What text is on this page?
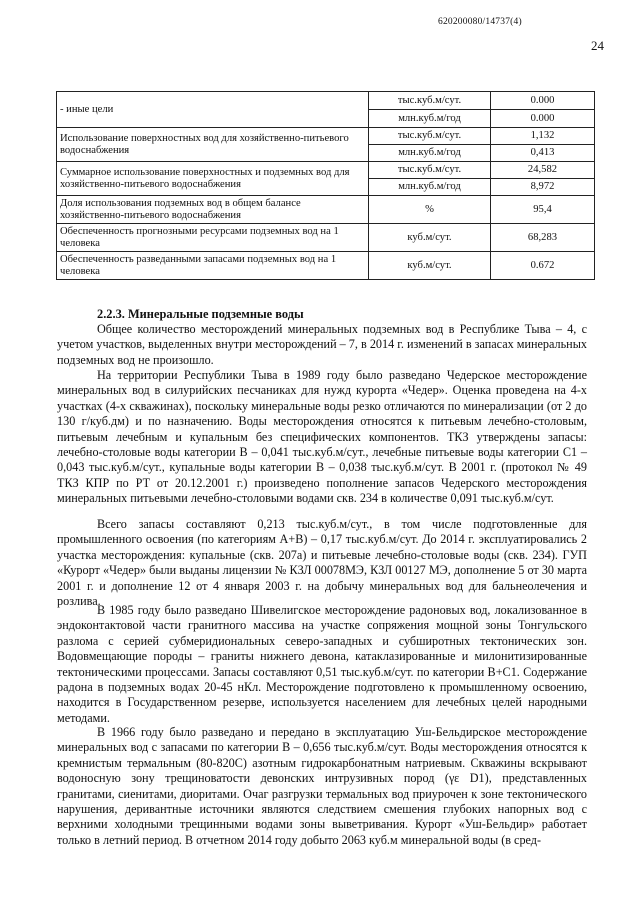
620200080/14737(4)
24
- иные цели	тыс.куб.м/сут.	0.000
	млн.куб.м/год	0.000
Использование поверхностных вод для хозяйственно-питьевого водоснабжения	тыс.куб.м/сут.	1,132
	млн.куб.м/год	0,413
Суммарное использование поверхностных и подземных вод для хозяйственно-питьевого водоснабжения	тыс.куб.м/сут.	24,582
	млн.куб.м/год	8,972
Доля использования подземных вод в общем балансе хозяйственно-питьевого водоснабжения	%	95,4
Обеспеченность прогнозными ресурсами подземных вод на 1 человека	куб.м/сут.	68,283
Обеспеченность разведанными запасами подземных вод на 1 человека	куб.м/сут.	0.672
2.2.3. Минеральные подземные воды

Общее количество месторождений минеральных подземных вод в Республике Тыва – 4, с учетом участков, выделенных внутри месторождений – 7, в 2014 г. изменений в запасах минеральных подземных вод не произошло.

На территории Республики Тыва в 1989 году было разведано Чедерское месторождение минеральных вод в силурийских песчаниках для нужд курорта «Чедер». Оценка проведена на 4-х участках (4-х скважинах), поскольку минеральные воды резко отличаются по минерализации (от 2 до 130 г/куб.дм) и по назначению. Воды месторождения относятся к питьевым лечебно-столовым, питьевым лечебным и купальным без специфических компонентов. ТКЗ утверждены запасы: лечебно-столовые воды категории В – 0,041 тыс.куб.м/сут., лечебные питьевые воды категории С1 – 0,043 тыс.куб.м/сут., купальные воды категории В – 0,038 тыс.куб.м/сут. В 2001 г. (протокол № 49 ТКЗ КПР по РТ от 20.12.2001 г.) произведено пополнение запасов Чедерского месторождения минеральных питьевыми лечебно-столовыми водами скв. 234 в количестве 0,091 тыс.куб.м/сут.

Всего запасы составляют 0,213 тыс.куб.м/сут., в том числе подготовленные для промышленного освоения (по категориям А+В) – 0,17 тыс.куб.м/сут. До 2014 г. эксплуатировались 2 участка месторождения: купальные (скв. 207а) и питьевые лечебно-столовые воды (скв. 234). ГУП «Курорт «Чедер» были выданы лицензии № КЗЛ 00078МЭ, КЗЛ 00127 МЭ, дополнение 5 от 30 марта 2001 г. и дополнение 12 от 4 января 2003 г. на добычу минеральных вод для бальнеолечения и розлива.

В 1985 году было разведано Шивелигское месторождение радоновых вод, локализованное в эндоконтактовой части гранитного массива на участке сопряжения мощной зоны Тонгульского разлома с серией субмеридиональных северо-западных и субширотных тектонических зон. Водовмещающие породы – граниты нижнего девона, катаклазированные и милонитизированные тектоническими процессами. Запасы составляют 0,51 тыс.куб.м/сут. по категории В+С1. Содержание радона в подземных водах 20-45 нКл. Месторождение подготовлено к промышленному освоению, находится в Государственном резерве, используется населением для лечебных целей народными методами.

В 1966 году было разведано и передано в эксплуатацию Уш-Бельдирское месторождение минеральных вод с запасами по категории В – 0,656 тыс.куб.м/сут. Воды месторождения относятся к кремнистым термальным (80-820С) азотным гидрокарбонатным натриевым. Скважины вскрывают водоносную зону трещиноватости девонских интрузивных пород (γε D1), представленных гранитами, сиенитами, диоритами. Очаг разгрузки термальных вод приурочен к зоне тектонического нарушения, деривантные источники являются следствием смешения глубоких напорных вод с верхними холодными трещинными водами зоны выветривания. Курорт «Уш-Бельдир» работает только в летний период. В отчетном 2014 году добыто 2063 куб.м минеральной воды (в сред-
